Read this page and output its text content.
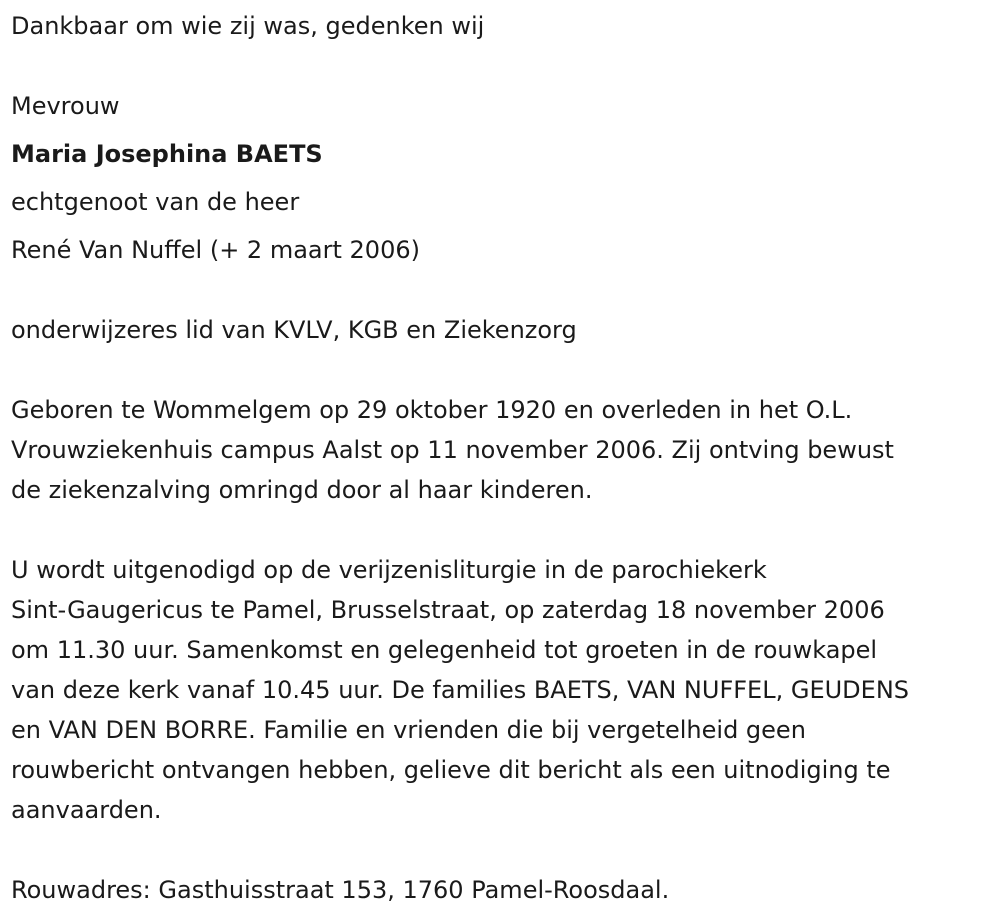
Dankbaar om wie zij was, gedenken wij

Mevrouw

Maria Josephina BAETS

echtgenoot van de heer

René Van Nuffel (+ 2 maart 2006)

onderwijzeres lid van KVLV, KGB en Ziekenzorg

Geboren te Wommelgem op 29 oktober 1920 en overleden in het O.L.
Vrouwziekenhuis campus Aalst op 11 november 2006. Zij ontving bewust
de ziekenzalving omringd door al haar kinderen.

U wordt uitgenodigd op de verijzenisliturgie in de parochiekerk
Sint-Gaugericus te Pamel, Brusselstraat, op zaterdag 18 november 2006
om 11.30 uur. Samenkomst en gelegenheid tot groeten in de rouwkapel
van deze kerk vanaf 10.45 uur. De families BAETS, VAN NUFFEL, GEUDENS
en VAN DEN BORRE. Familie en vrienden die bij vergetelheid geen
rouwbericht ontvangen hebben, gelieve dit bericht als een uitnodiging te
aanvaarden.

Rouwadres: Gasthuisstraat 153, 1760 Pamel-Roosdaal.
